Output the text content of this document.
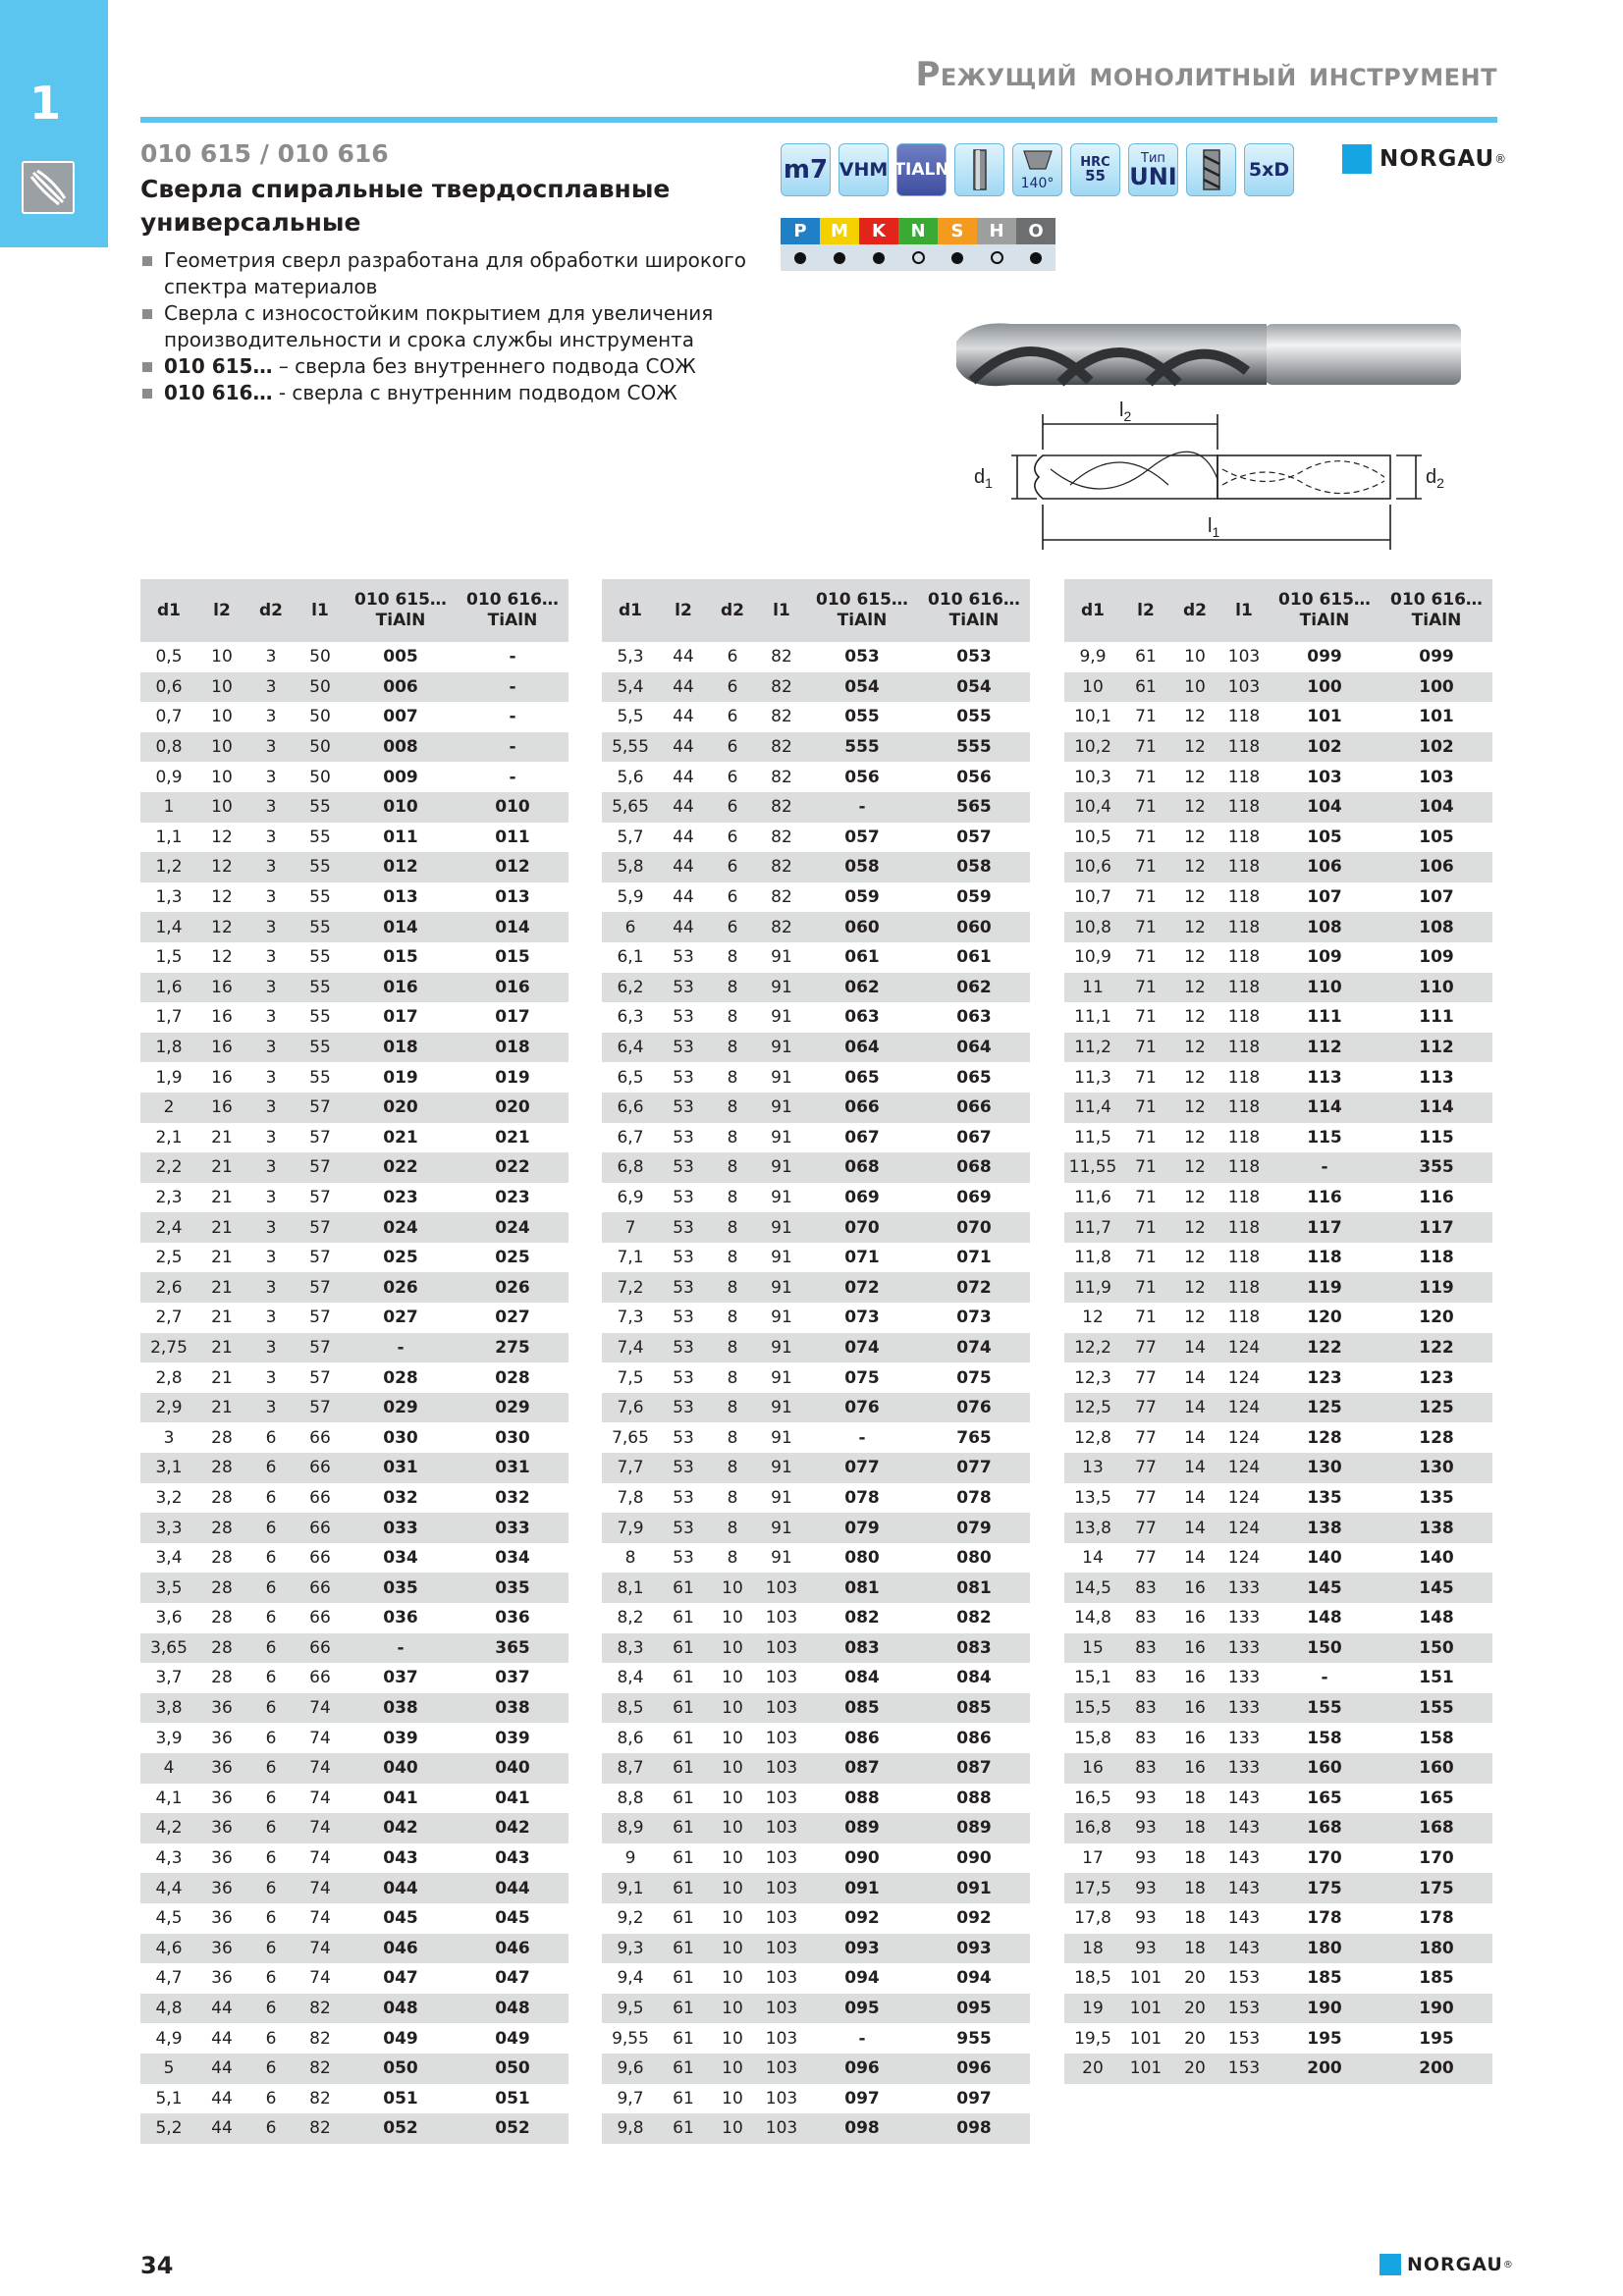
1
Режущий монолитный инструмент
010 615 / 010 616
Сверла спиральные твердосплавные универсальные
Геометрия сверл разработана для обработки широкого спектра материалов
Сверла с износостойким покрытием для увеличения производительности и срока службы инструмента
010 615… – сверла без внутреннего подвода СОЖ
010 616… - сверла с внутренним подводом СОЖ
m7 VHM TIALN
140°
HRC
55
Тип
UNI	5xD	NORGAU ®
P	M	K	N	S	H	O
$l_2$
$l_1$
$d_1$	$d_2$
d1	l2	d2	l1	010 615…
TiAlN	010 616…
TiAlN
0,5	10	3	50	005	-
0,6	10	3	50	006	-
0,7	10	3	50	007	-
0,8	10	3	50	008	-
0,9	10	3	50	009	-
1	10	3	55	010	010
1,1	12	3	55	011	011
1,2	12	3	55	012	012
1,3	12	3	55	013	013
1,4	12	3	55	014	014
1,5	12	3	55	015	015
1,6	16	3	55	016	016
1,7	16	3	55	017	017
1,8	16	3	55	018	018
1,9	16	3	55	019	019
2	16	3	57	020	020
2,1	21	3	57	021	021
2,2	21	3	57	022	022
2,3	21	3	57	023	023
2,4	21	3	57	024	024
2,5	21	3	57	025	025
2,6	21	3	57	026	026
2,7	21	3	57	027	027
2,75	21	3	57	-	275
2,8	21	3	57	028	028
2,9	21	3	57	029	029
3	28	6	66	030	030
3,1	28	6	66	031	031
3,2	28	6	66	032	032
3,3	28	6	66	033	033
3,4	28	6	66	034	034
3,5	28	6	66	035	035
3,6	28	6	66	036	036
3,65	28	6	66	-	365
3,7	28	6	66	037	037
3,8	36	6	74	038	038
3,9	36	6	74	039	039
4	36	6	74	040	040
4,1	36	6	74	041	041
4,2	36	6	74	042	042
4,3	36	6	74	043	043
4,4	36	6	74	044	044
4,5	36	6	74	045	045
4,6	36	6	74	046	046
4,7	36	6	74	047	047
4,8	44	6	82	048	048
4,9	44	6	82	049	049
5	44	6	82	050	050
5,1	44	6	82	051	051
5,2	44	6	82	052	052
d1	l2	d2	l1	010 615…
TiAlN	010 616…
TiAlN
5,3	44	6	82	053	053
5,4	44	6	82	054	054
5,5	44	6	82	055	055
5,55	44	6	82	555	555
5,6	44	6	82	056	056
5,65	44	6	82	-	565
5,7	44	6	82	057	057
5,8	44	6	82	058	058
5,9	44	6	82	059	059
6	44	6	82	060	060
6,1	53	8	91	061	061
6,2	53	8	91	062	062
6,3	53	8	91	063	063
6,4	53	8	91	064	064
6,5	53	8	91	065	065
6,6	53	8	91	066	066
6,7	53	8	91	067	067
6,8	53	8	91	068	068
6,9	53	8	91	069	069
7	53	8	91	070	070
7,1	53	8	91	071	071
7,2	53	8	91	072	072
7,3	53	8	91	073	073
7,4	53	8	91	074	074
7,5	53	8	91	075	075
7,6	53	8	91	076	076
7,65	53	8	91	-	765
7,7	53	8	91	077	077
7,8	53	8	91	078	078
7,9	53	8	91	079	079
8	53	8	91	080	080
8,1	61	10	103	081	081
8,2	61	10	103	082	082
8,3	61	10	103	083	083
8,4	61	10	103	084	084
8,5	61	10	103	085	085
8,6	61	10	103	086	086
8,7	61	10	103	087	087
8,8	61	10	103	088	088
8,9	61	10	103	089	089
9	61	10	103	090	090
9,1	61	10	103	091	091
9,2	61	10	103	092	092
9,3	61	10	103	093	093
9,4	61	10	103	094	094
9,5	61	10	103	095	095
9,55	61	10	103	-	955
9,6	61	10	103	096	096
9,7	61	10	103	097	097
9,8	61	10	103	098	098
d1	l2	d2	l1	010 615…
TiAlN	010 616…
TiAlN
9,9	61	10	103	099	099
10	61	10	103	100	100
10,1	71	12	118	101	101
10,2	71	12	118	102	102
10,3	71	12	118	103	103
10,4	71	12	118	104	104
10,5	71	12	118	105	105
10,6	71	12	118	106	106
10,7	71	12	118	107	107
10,8	71	12	118	108	108
10,9	71	12	118	109	109
11	71	12	118	110	110
11,1	71	12	118	111	111
11,2	71	12	118	112	112
11,3	71	12	118	113	113
11,4	71	12	118	114	114
11,5	71	12	118	115	115
11,55	71	12	118	-	355
11,6	71	12	118	116	116
11,7	71	12	118	117	117
11,8	71	12	118	118	118
11,9	71	12	118	119	119
12	71	12	118	120	120
12,2	77	14	124	122	122
12,3	77	14	124	123	123
12,5	77	14	124	125	125
12,8	77	14	124	128	128
13	77	14	124	130	130
13,5	77	14	124	135	135
13,8	77	14	124	138	138
14	77	14	124	140	140
14,5	83	16	133	145	145
14,8	83	16	133	148	148
15	83	16	133	150	150
15,1	83	16	133	-	151
15,5	83	16	133	155	155
15,8	83	16	133	158	158
16	83	16	133	160	160
16,5	93	18	143	165	165
16,8	93	18	143	168	168
17	93	18	143	170	170
17,5	93	18	143	175	175
17,8	93	18	143	178	178
18	93	18	143	180	180
18,5	101	20	153	185	185
19	101	20	153	190	190
19,5	101	20	153	195	195
20	101	20	153	200	200
34	NORGAU ®
